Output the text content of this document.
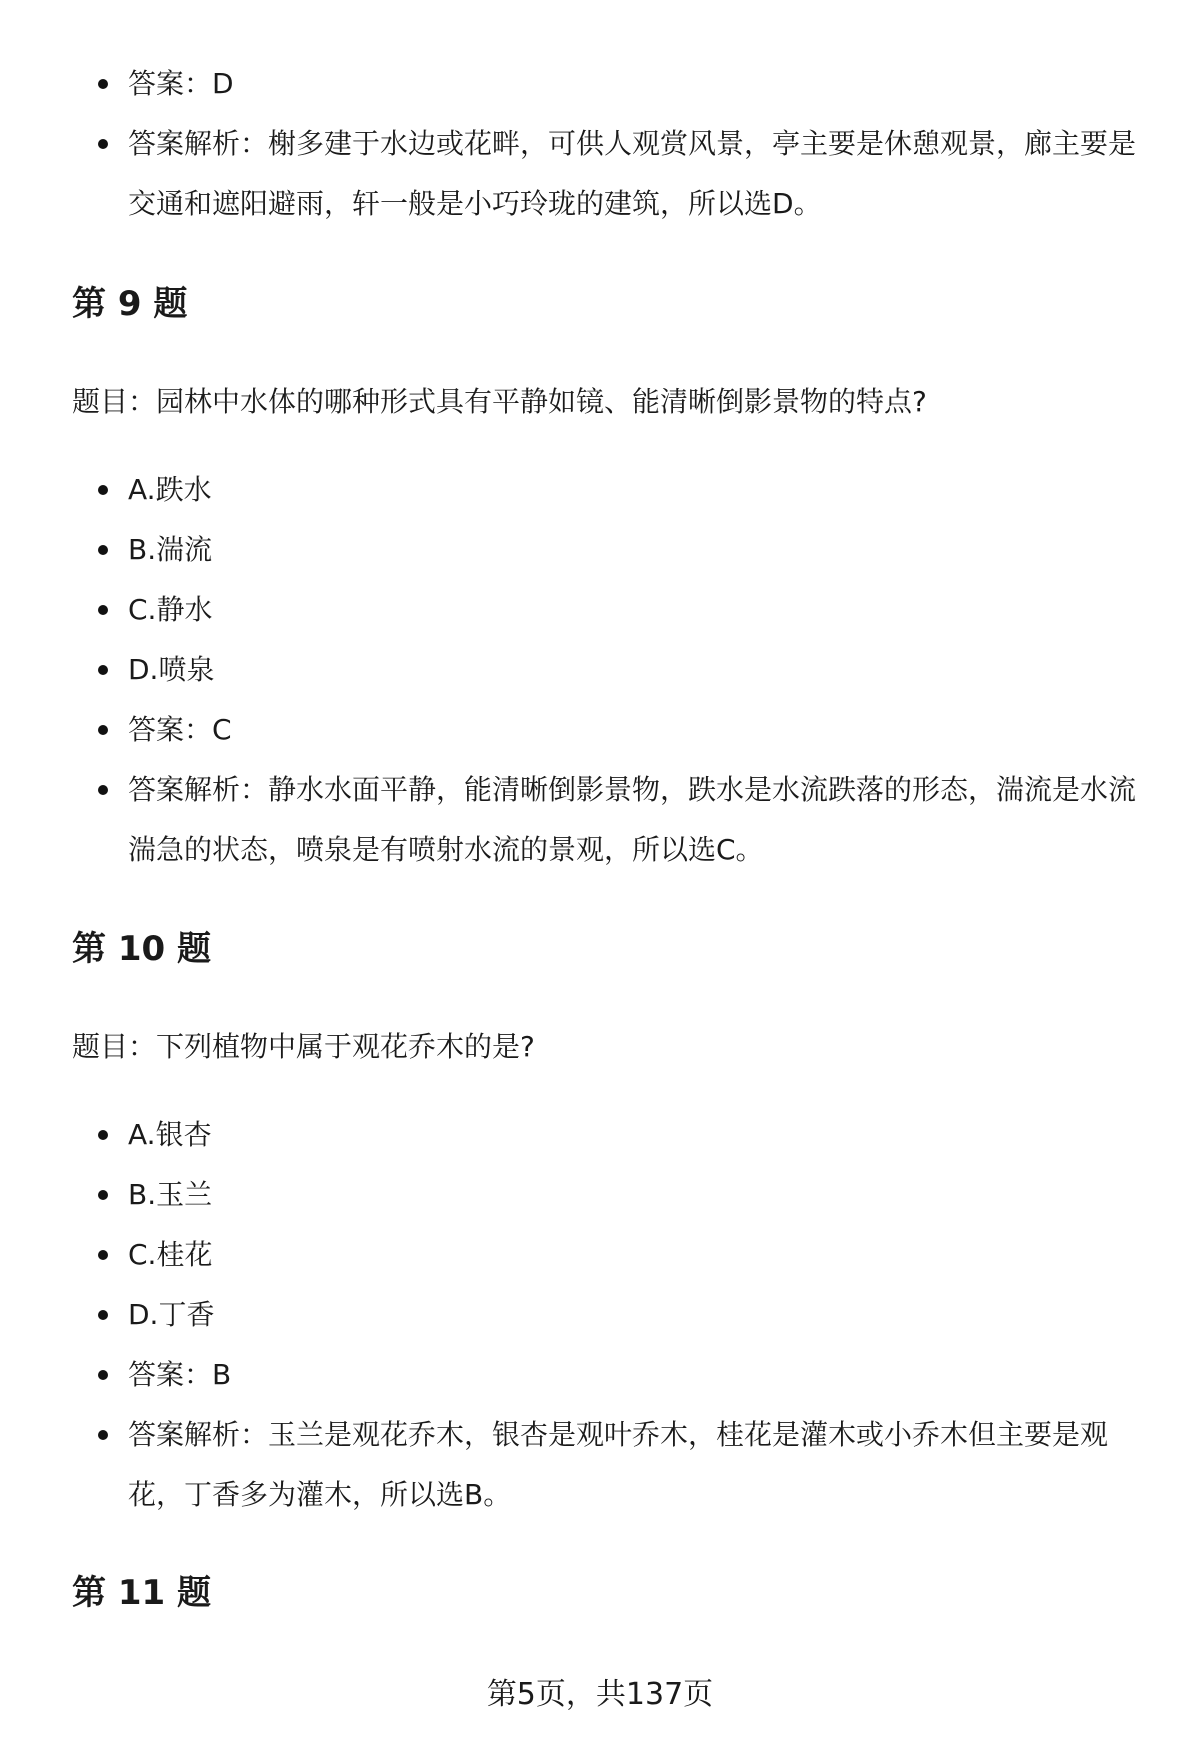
答案：D
答案解析：榭多建于水边或花畔，可供人观赏风景，亭主要是休憩观景，廊主要是交通和遮阳避雨，轩一般是小巧玲珑的建筑，所以选D。
第 9 题

题目：园林中水体的哪种形式具有平静如镜、能清晰倒影景物的特点?

A.跌水
B.湍流
C.静水
D.喷泉
答案：C
答案解析：静水水面平静，能清晰倒影景物，跌水是水流跌落的形态，湍流是水流湍急的状态，喷泉是有喷射水流的景观，所以选C。
第 10 题

题目：下列植物中属于观花乔木的是?

A.银杏
B.玉兰
C.桂花
D.丁香
答案：B
答案解析：玉兰是观花乔木，银杏是观叶乔木，桂花是灌木或小乔木但主要是观花，丁香多为灌木，所以选B。
第 11 题
第5页，共137页
